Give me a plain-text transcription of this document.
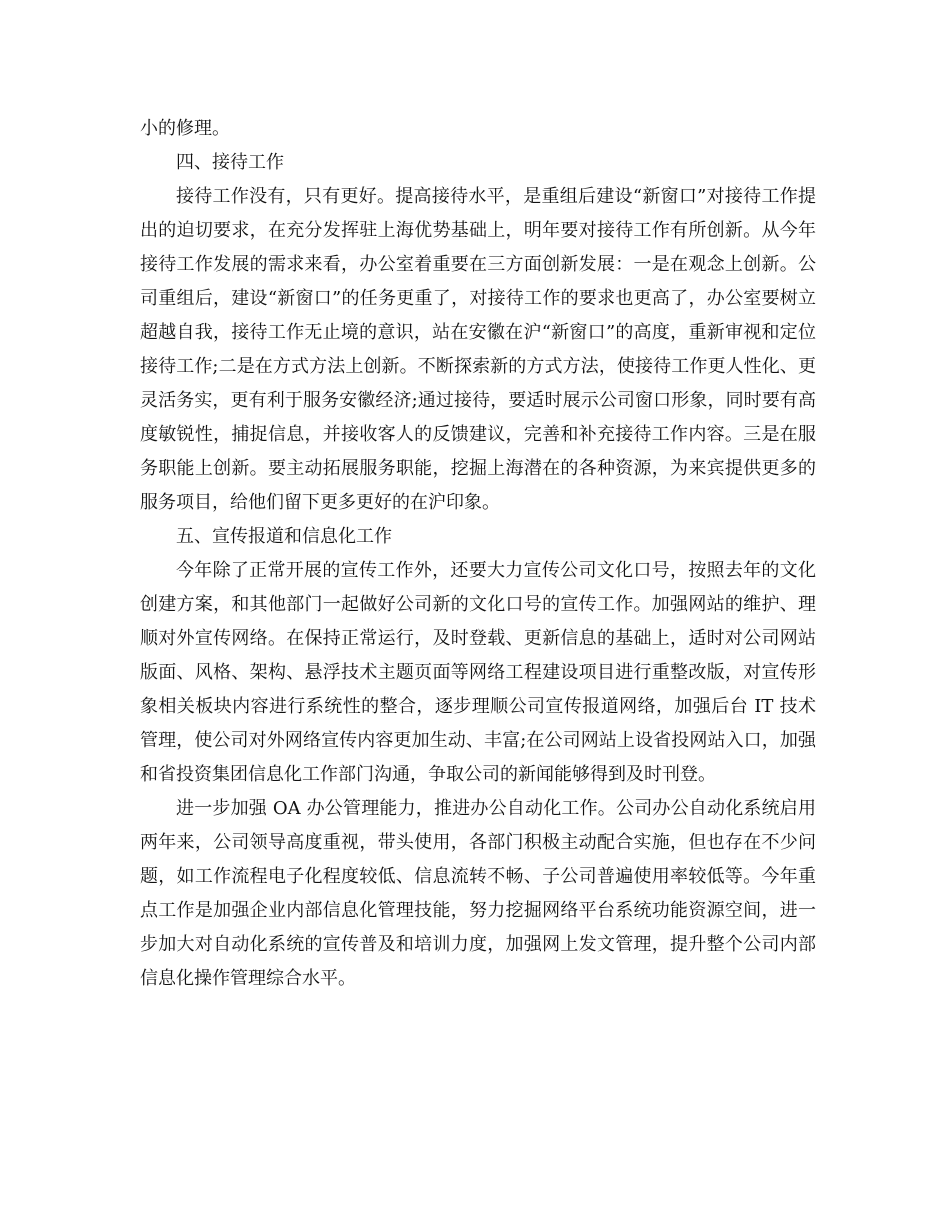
小的修理。

四、接待工作

接待工作没有，只有更好。提高接待水平，是重组后建设“新窗口”对接待工作提出的迫切要求，在充分发挥驻上海优势基础上，明年要对接待工作有所创新。从今年接待工作发展的需求来看，办公室着重要在三方面创新发展：一是在观念上创新。公司重组后，建设“新窗口”的任务更重了，对接待工作的要求也更高了，办公室要树立超越自我，接待工作无止境的意识，站在安徽在沪“新窗口”的高度，重新审视和定位接待工作;二是在方式方法上创新。不断探索新的方式方法，使接待工作更人性化、更灵活务实，更有利于服务安徽经济;通过接待，要适时展示公司窗口形象，同时要有高度敏锐性，捕捉信息，并接收客人的反馈建议，完善和补充接待工作内容。三是在服务职能上创新。要主动拓展服务职能，挖掘上海潜在的各种资源，为来宾提供更多的服务项目，给他们留下更多更好的在沪印象。

五、宣传报道和信息化工作

今年除了正常开展的宣传工作外，还要大力宣传公司文化口号，按照去年的文化创建方案，和其他部门一起做好公司新的文化口号的宣传工作。加强网站的维护、理顺对外宣传网络。在保持正常运行，及时登载、更新信息的基础上，适时对公司网站版面、风格、架构、悬浮技术主题页面等网络工程建设项目进行重整改版，对宣传形象相关板块内容进行系统性的整合，逐步理顺公司宣传报道网络，加强后台 IT 技术管理，使公司对外网络宣传内容更加生动、丰富;在公司网站上设省投网站入口，加强和省投资集团信息化工作部门沟通，争取公司的新闻能够得到及时刊登。

进一步加强 OA 办公管理能力，推进办公自动化工作。公司办公自动化系统启用两年来，公司领导高度重视，带头使用，各部门积极主动配合实施，但也存在不少问题，如工作流程电子化程度较低、信息流转不畅、子公司普遍使用率较低等。今年重点工作是加强企业内部信息化管理技能，努力挖掘网络平台系统功能资源空间，进一步加大对自动化系统的宣传普及和培训力度，加强网上发文管理，提升整个公司内部信息化操作管理综合水平。
